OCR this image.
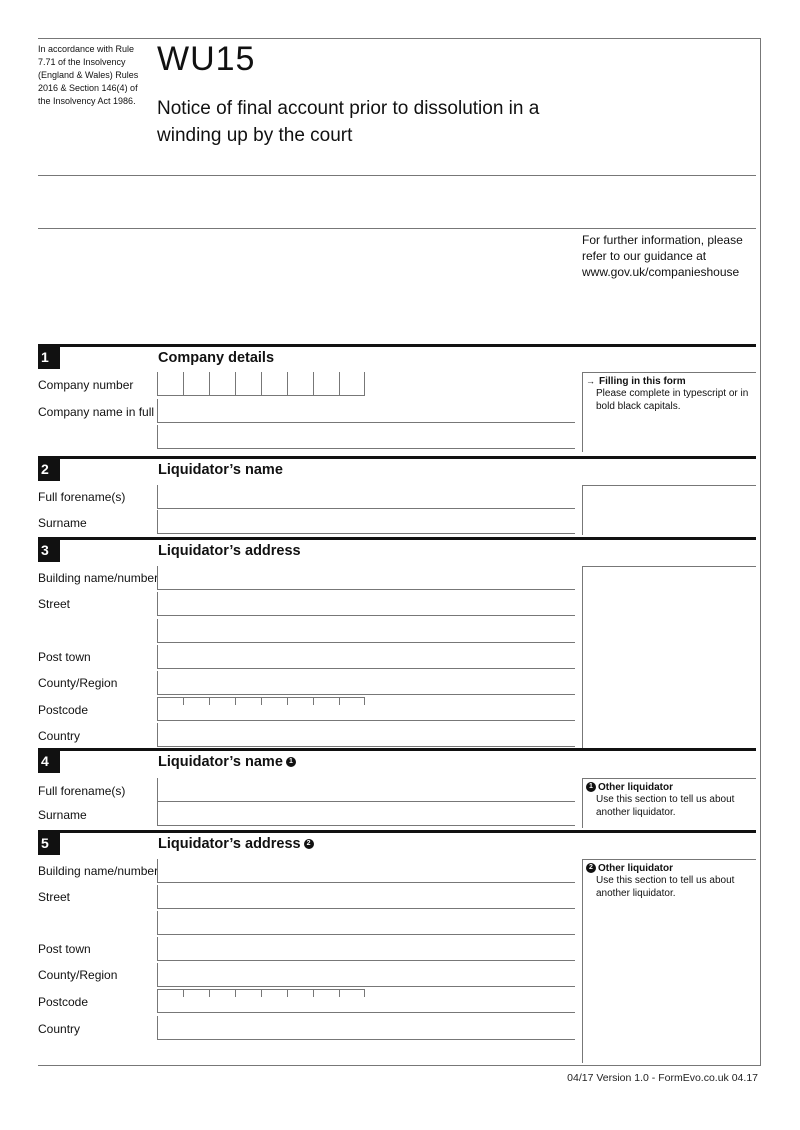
In accordance with Rule 7.71 of the Insolvency (England & Wales) Rules 2016 & Section 146(4) of the Insolvency Act 1986.
WU15
Notice of final account prior to dissolution in a winding up by the court
For further information, please refer to our guidance at www.gov.uk/companieshouse
1	Company details
Company number
Company name in full
→ Filling in this form
Please complete in typescript or in bold black capitals.
2	Liquidator’s name
Full forename(s)
Surname
3	Liquidator’s address
Building name/number
Street
Post town
County/Region
Postcode
Country
4	Liquidator’s name 1
Full forename(s)
Surname
1 Other liquidator
Use this section to tell us about another liquidator.
5	Liquidator’s address 2
Building name/number
Street
Post town
County/Region
Postcode
Country
2 Other liquidator
Use this section to tell us about another liquidator.
04/17 Version 1.0 - FormEvo.co.uk 04.17
